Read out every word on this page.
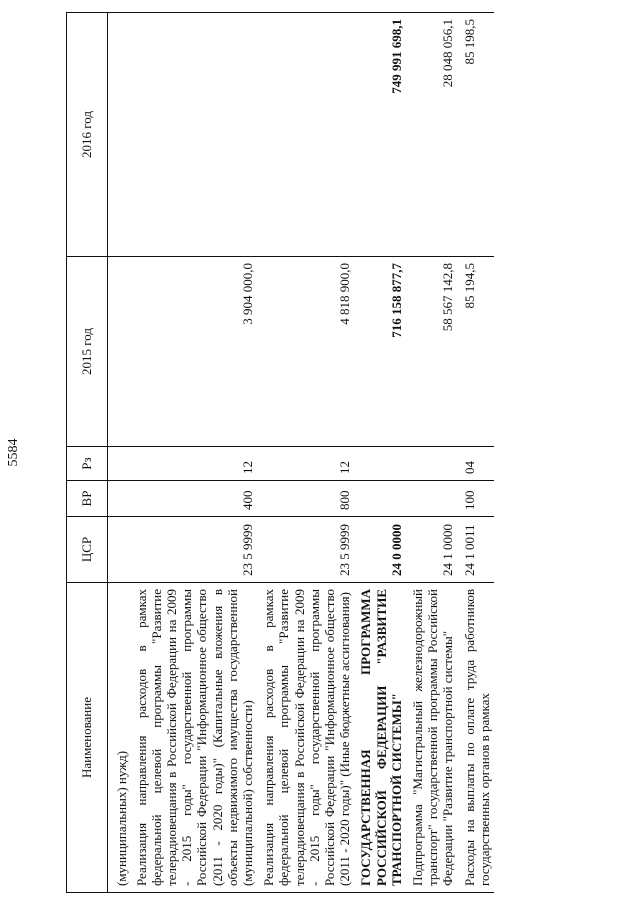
5584
Наименование	ЦСР	ВР	Рз	2015 год	2016 год
(муниципальных) нужд)					
Реализация направления расходов в рамках федеральной целевой программы "Развитие телерадиовещания в Российской Федерации на 2009 - 2015 годы" государственной программы Российской Федерации "Информационное общество (2011 - 2020 годы)" (Капитальные вложения в объекты недвижимого имущества государственной (муниципальной) собственности)	23 5 9999	400	12	3 904 000,0	

Реализация направления расходов в рамках федеральной целевой программы "Развитие телерадиовещания в Российской Федерации на 2009 - 2015 годы" государственной программы Российской Федерации "Информационное общество (2011 - 2020 годы)" (Иные бюджетные ассигнования)	23 5 9999	800	12	4 818 900,0	

ГОСУДАРСТВЕННАЯ ПРОГРАММА РОССИЙСКОЙ ФЕДЕРАЦИИ "РАЗВИТИЕ ТРАНСПОРТНОЙ СИСТЕМЫ"	24 0 0000			716 158 877,7	749 991 698,1

Подпрограмма "Магистральный железнодорожный транспорт" государственной программы Российской Федерации "Развитие транспортной системы"	24 1 0000			58 567 142,8	28 048 056,1

Расходы на выплаты по оплате труда работников государственных органов в рамках	24 1 0011	100	04	85 194,5	85 198,5
